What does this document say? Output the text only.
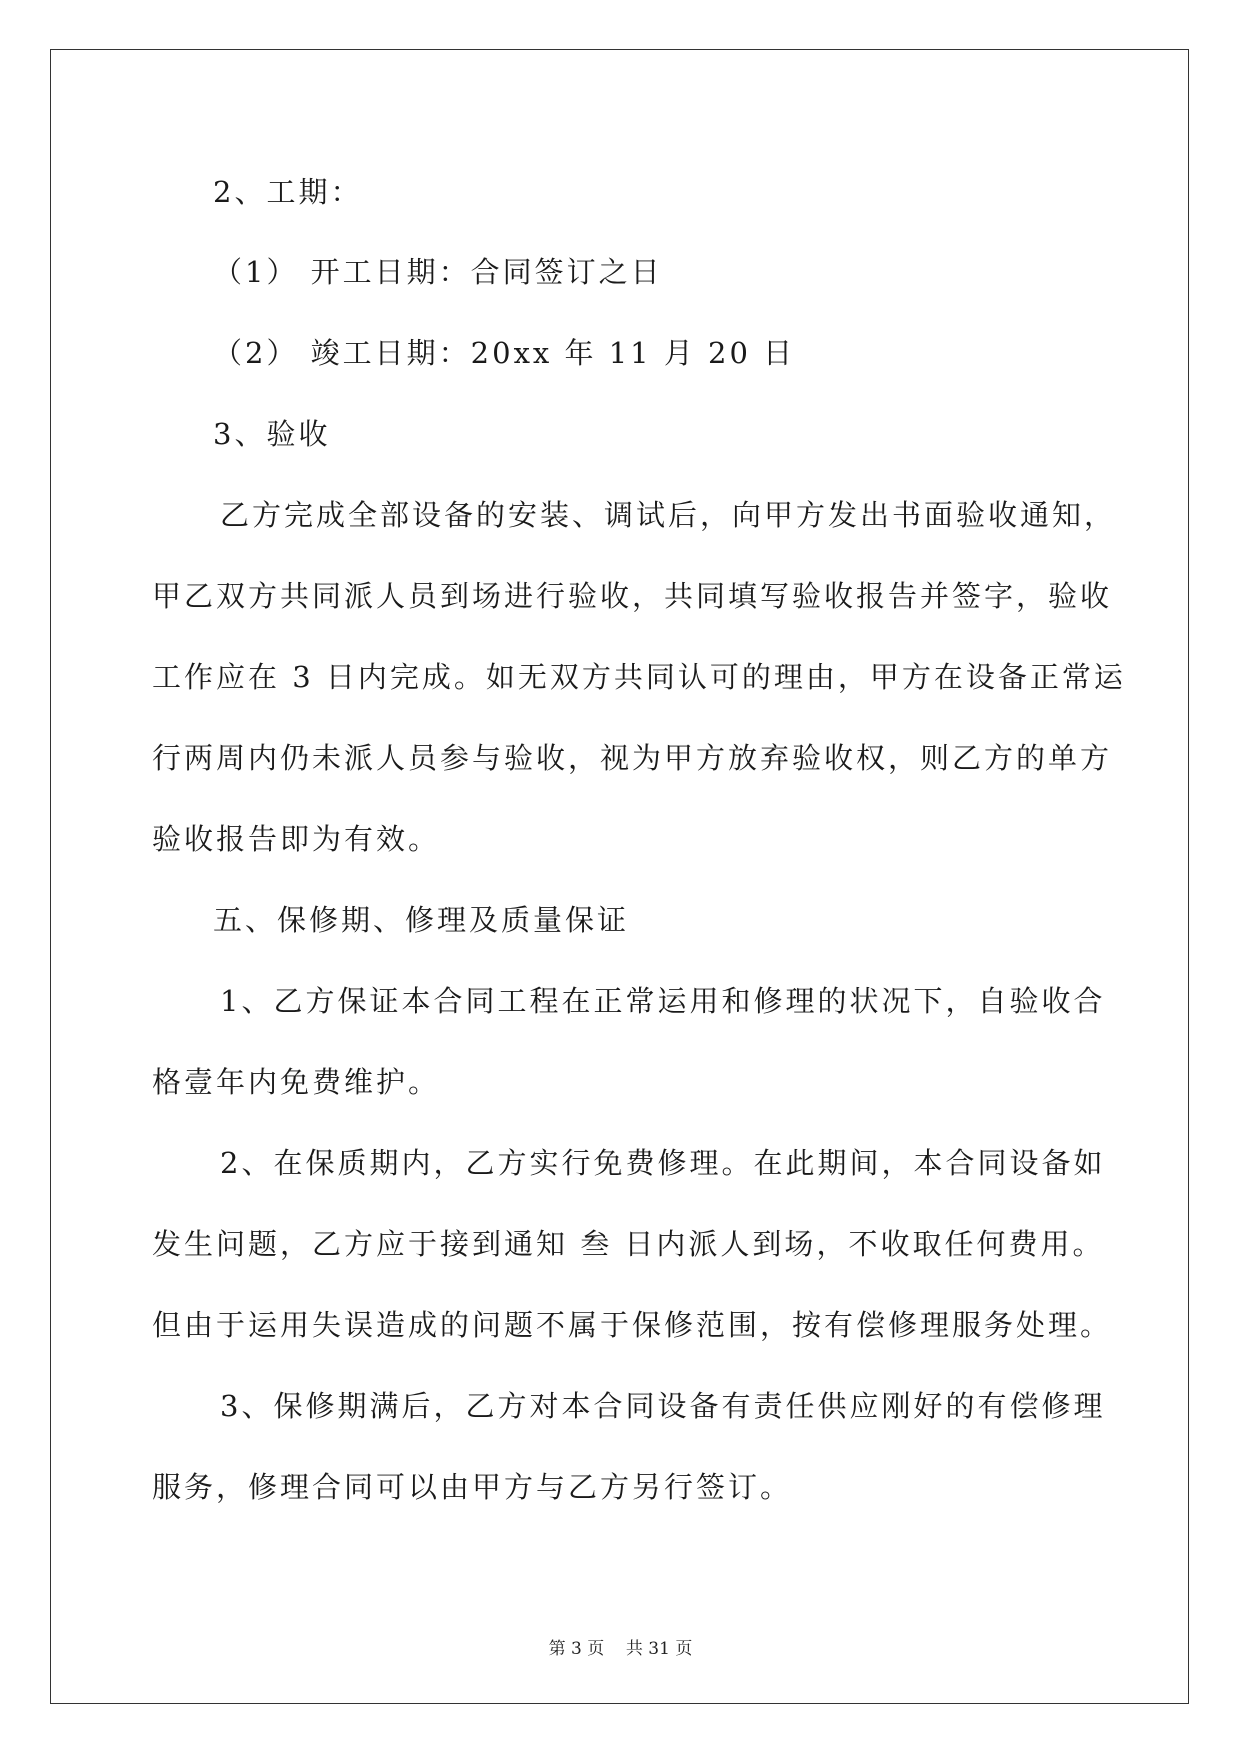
2、工期：
（1） 开工日期：合同签订之日
（2） 竣工日期：20xx 年 11 月 20 日
3、验收
乙方完成全部设备的安装、调试后，向甲方发出书面验收通知，
甲乙双方共同派人员到场进行验收，共同填写验收报告并签字，验收
工作应在 3 日内完成。如无双方共同认可的理由，甲方在设备正常运
行两周内仍未派人员参与验收，视为甲方放弃验收权，则乙方的单方
验收报告即为有效。
五、保修期、修理及质量保证
1、乙方保证本合同工程在正常运用和修理的状况下，自验收合
格壹年内免费维护。
2、在保质期内，乙方实行免费修理。在此期间，本合同设备如
发生问题，乙方应于接到通知 叁 日内派人到场，不收取任何费用。
但由于运用失误造成的问题不属于保修范围，按有偿修理服务处理。
3、保修期满后，乙方对本合同设备有责任供应刚好的有偿修理
服务，修理合同可以由甲方与乙方另行签订。
第 3 页    共 31 页
